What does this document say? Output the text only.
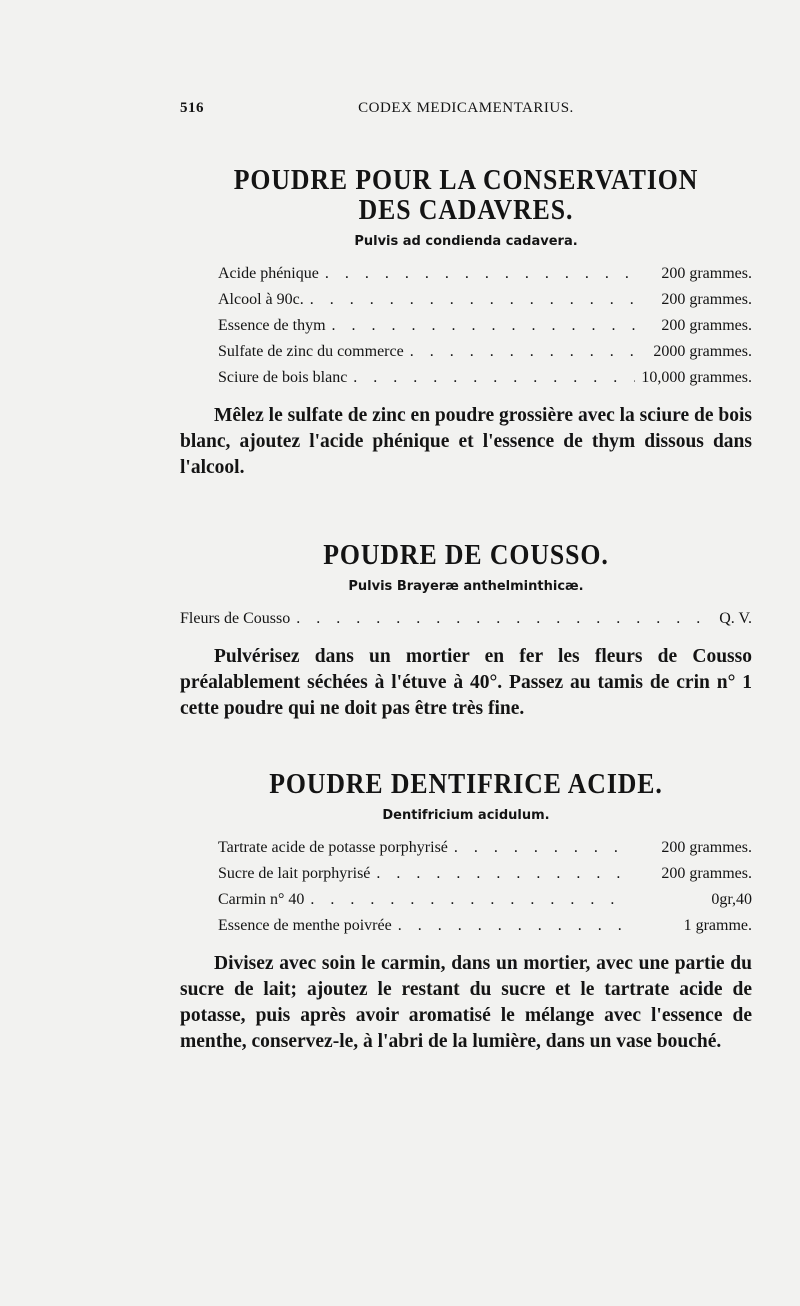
516	CODEX MEDICAMENTARIUS.
POUDRE POUR LA CONSERVATION
DES CADAVRES.
Pulvis ad condienda cadavera.
Acide phénique . . .	200 grammes.
Alcool à 90c. . . .	200 grammes.
Essence de thym . . .	200 grammes.
Sulfate de zinc du commerce . . .	2000 grammes.
Sciure de bois blanc . . .	10,000 grammes.

Mêlez le sulfate de zinc en poudre grossière avec la sciure de bois blanc, ajoutez l'acide phénique et l'essence de thym dissous dans l'alcool.

POUDRE DE COUSSO.
Pulvis Brayeræ anthelminthicæ.
Fleurs de Cousso . . .	Q. V.

Pulvérisez dans un mortier en fer les fleurs de Cousso préalablement séchées à l'étuve à 40°. Passez au tamis de crin n° 1 cette poudre qui ne doit pas être très fine.

POUDRE DENTIFRICE ACIDE.
Dentifricium acidulum.
Tartrate acide de potasse porphyrisé . . .	200 grammes.
Sucre de lait porphyrisé . . .	200 grammes.
Carmin n° 40 . . .	0gr,40
Essence de menthe poivrée . . .	1 gramme.

Divisez avec soin le carmin, dans un mortier, avec une partie du sucre de lait; ajoutez le restant du sucre et le tartrate acide de potasse, puis après avoir aromatisé le mélange avec l'essence de menthe, conservez-le, à l'abri de la lumière, dans un vase bouché.
